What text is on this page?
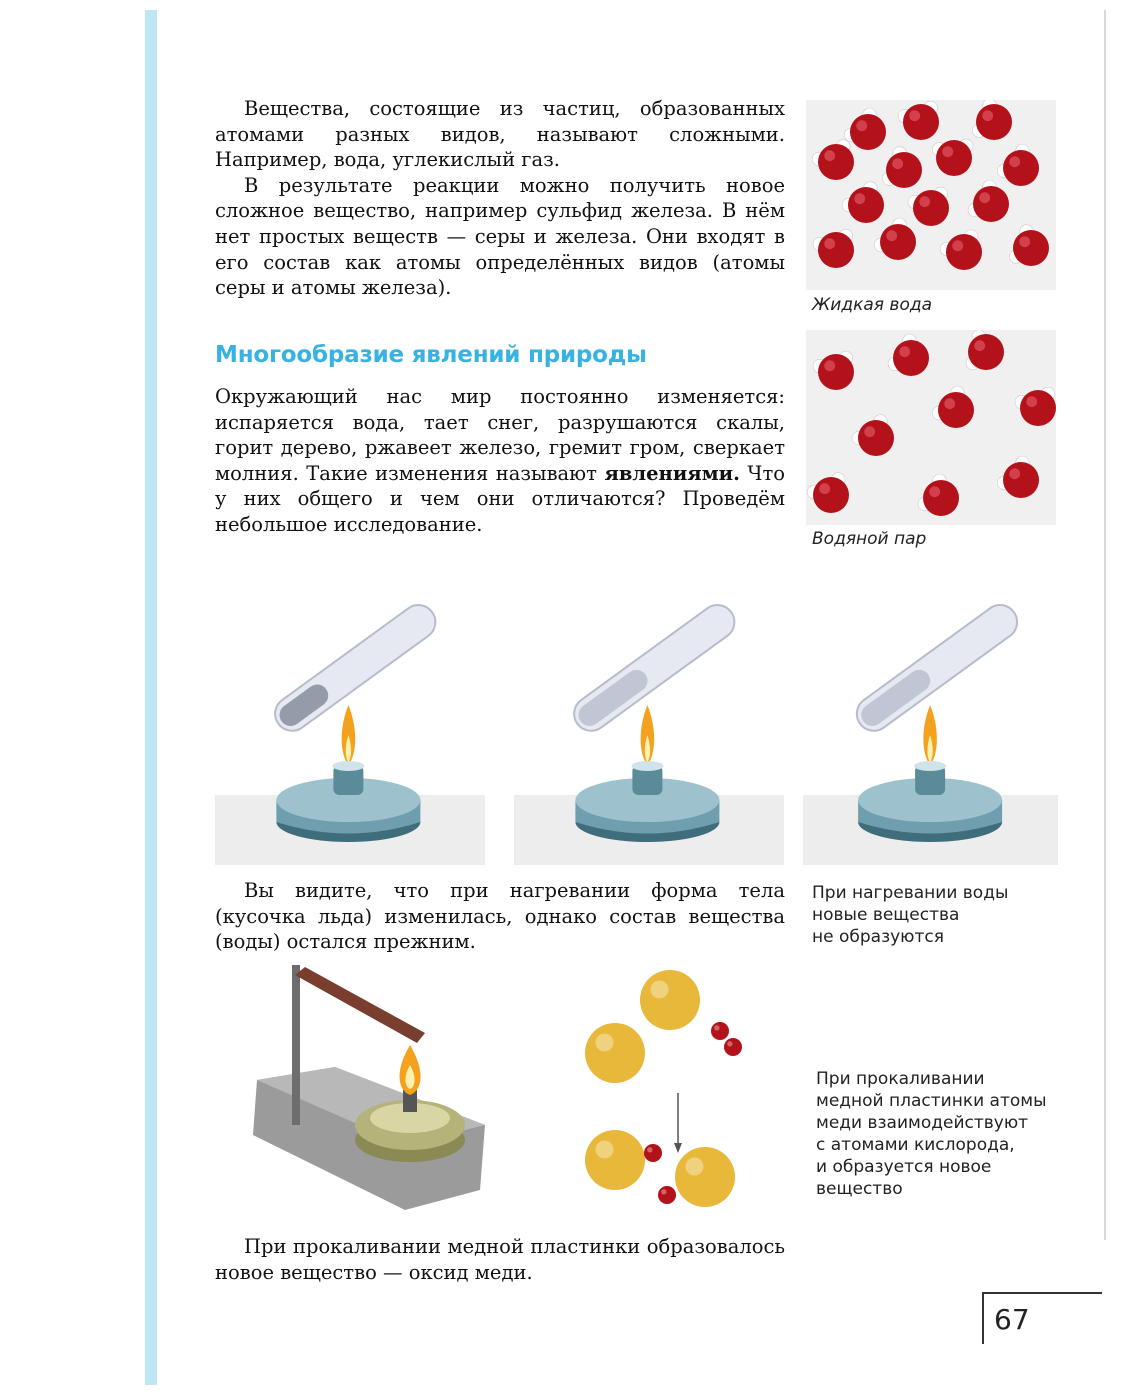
Вещества, состоящие из частиц, образованных атомами разных видов, называют сложными. Например, вода, углекислый газ.

В результате реакции можно получить новое сложное вещество, например сульфид железа. В нём нет простых веществ — серы и железа. Они входят в его состав как атомы определённых видов (атомы серы и атомы железа).

Жидкая вода
Многообразие явлений природы

Окружающий нас мир постоянно изменяется: испаряется вода, тает снег, разрушаются скалы, горит дерево, ржавеет железо, гремит гром, сверкает молния. Такие изменения называют явлениями. Что у них общего и чем они отличаются? Проведём небольшое исследование.

Водяной пар

Вы видите, что при нагревании форма тела (кусочка льда) изменилась, однако состав вещества (воды) остался прежним.

При нагревании воды
новые вещества
не образуются
При прокаливании
медной пластинки атомы
меди взаимодействуют
с атомами кислорода,
и образуется новое
вещество

При прокаливании медной пластинки образовалось новое вещество — оксид меди.

67
